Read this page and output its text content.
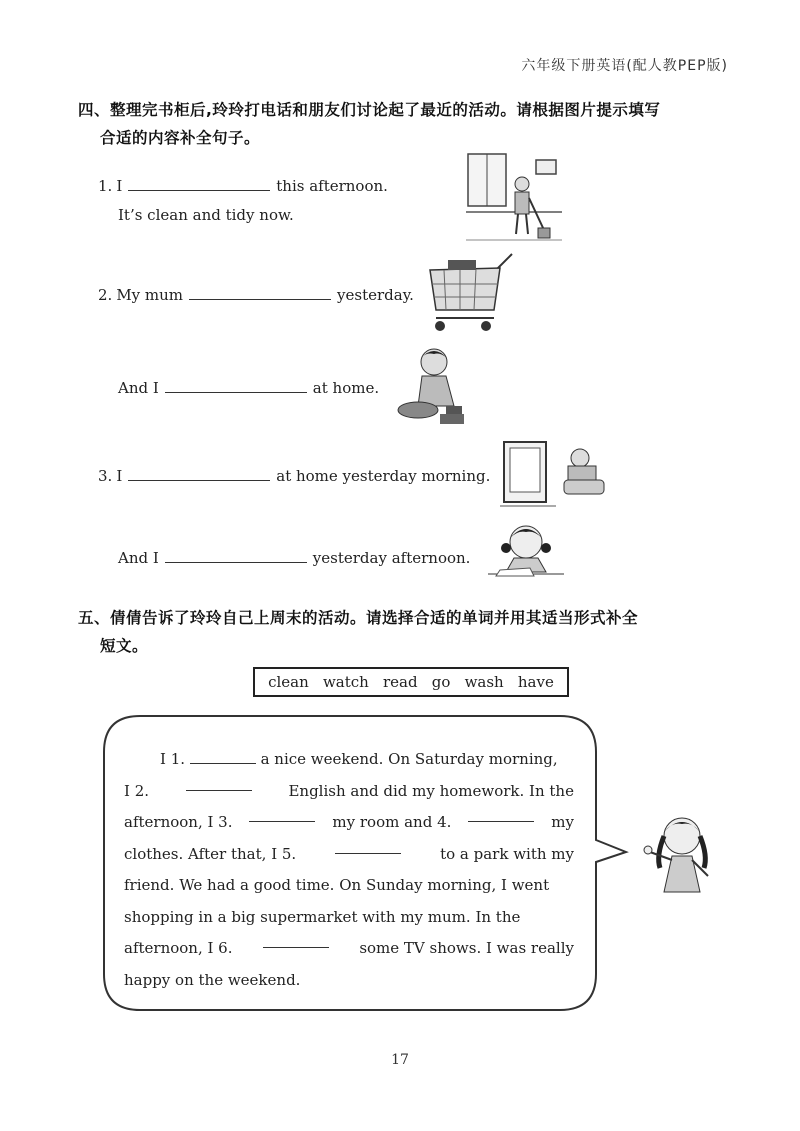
六年级下册英语(配人教PEP版)
四、整理完书柜后,玲玲打电话和朋友们讨论起了最近的活动。请根据图片提示填写
合适的内容补全句子。
1. I	this afternoon.
It’s clean and tidy now.
2. My mum	yesterday.
And I	at home.
3. I	at home yesterday morning.
And I	yesterday afternoon.
五、倩倩告诉了玲玲自己上周末的活动。请选择合适的单词并用其适当形式补全
短文。
clean watch read go wash have
I 1.	a nice weekend. On Saturday morning,
I 2.	English and did my homework. In the
afternoon, I 3.	my room and 4.	my
clothes. After that, I 5.	to a park with my
friend. We had a good time. On Sunday morning, I went
shopping in a big supermarket with my mum. In the
afternoon, I 6.	some TV shows. I was really
happy on the weekend.
17
